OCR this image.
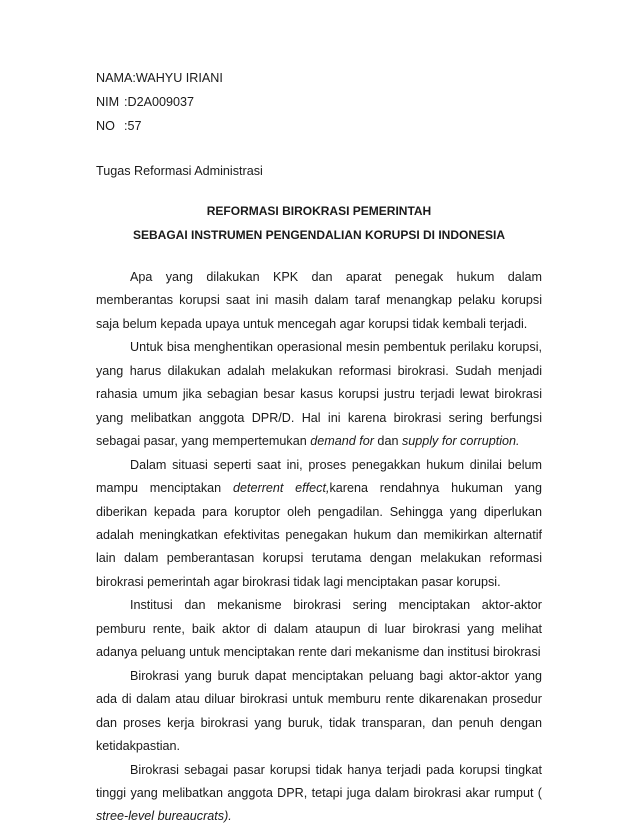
NAMA : WAHYU IRIANI
NIM : D2A009037
NO : 57
Tugas Reformasi Administrasi
REFORMASI BIROKRASI PEMERINTAH
SEBAGAI INSTRUMEN PENGENDALIAN KORUPSI DI INDONESIA

Apa yang dilakukan KPK dan aparat penegak hukum dalam memberantas korupsi saat ini masih dalam taraf menangkap pelaku korupsi saja belum kepada upaya untuk mencegah agar korupsi tidak kembali terjadi.

Untuk bisa menghentikan operasional mesin pembentuk perilaku korupsi, yang harus dilakukan adalah melakukan reformasi birokrasi. Sudah menjadi rahasia umum jika sebagian besar kasus korupsi justru terjadi lewat birokrasi yang melibatkan anggota DPR/D. Hal ini karena birokrasi sering berfungsi sebagai pasar, yang mempertemukan demand for dan supply for corruption.

Dalam situasi seperti saat ini, proses penegakkan hukum dinilai belum mampu menciptakan deterrent effect,karena rendahnya hukuman yang diberikan kepada para koruptor oleh pengadilan. Sehingga yang diperlukan adalah meningkatkan efektivitas penegakan hukum dan memikirkan alternatif lain dalam pemberantasan korupsi terutama dengan melakukan reformasi birokrasi pemerintah agar birokrasi tidak lagi menciptakan pasar korupsi.

Institusi dan mekanisme birokrasi sering menciptakan aktor-aktor pemburu rente, baik aktor di dalam ataupun di luar birokrasi yang melihat adanya peluang untuk menciptakan rente dari mekanisme dan institusi birokrasi

Birokrasi yang buruk dapat menciptakan peluang bagi aktor-aktor yang ada di dalam atau diluar birokrasi untuk memburu rente dikarenakan prosedur dan proses kerja birokrasi yang buruk, tidak transparan, dan penuh dengan ketidakpastian.

Birokrasi sebagai pasar korupsi tidak hanya terjadi pada korupsi tingkat tinggi yang melibatkan anggota DPR, tetapi juga dalam birokrasi akar rumput ( stree-level bureaucrats).
